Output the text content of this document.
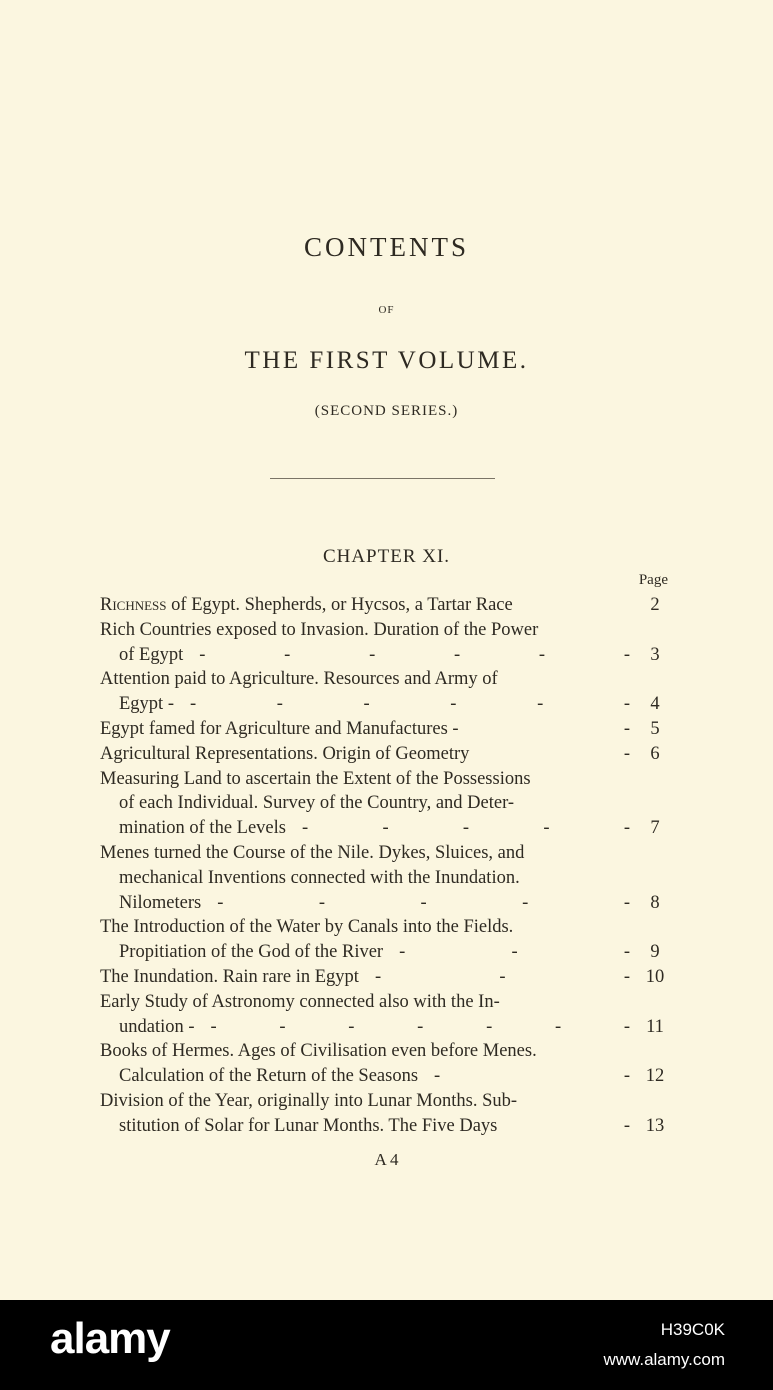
CONTENTS
OF
THE FIRST VOLUME.
(SECOND SERIES.)
CHAPTER XI.
Page
Richness of Egypt. Shepherds, or Hycsos, a Tartar Race	2
Rich Countries exposed to Invasion. Duration of the Power
of Egypt - - - - - -	3
Attention paid to Agriculture. Resources and Army of
Egypt - - - - - - -	4
Egypt famed for Agriculture and Manufactures -	-	5
Agricultural Representations. Origin of Geometry	-	6
Measuring Land to ascertain the Extent of the Possessions
of each Individual. Survey of the Country, and Deter-
mination of the Levels - - - - -	7
Menes turned the Course of the Nile. Dykes, Sluices, and
mechanical Inventions connected with the Inundation.
Nilometers - - - - -	8
The Introduction of the Water by Canals into the Fields.
Propitiation of the God of the River - - -	9
The Inundation. Rain rare in Egypt - - - 10
Early Study of Astronomy connected also with the In-
undation - - - - - - - - 11
Books of Hermes. Ages of Civilisation even before Menes.
Calculation of the Return of the Seasons - - 12
Division of the Year, originally into Lunar Months. Sub-
stitution of Solar for Lunar Months. The Five Days	- 13
A 4
alamy	H39C0K
www.alamy.com
